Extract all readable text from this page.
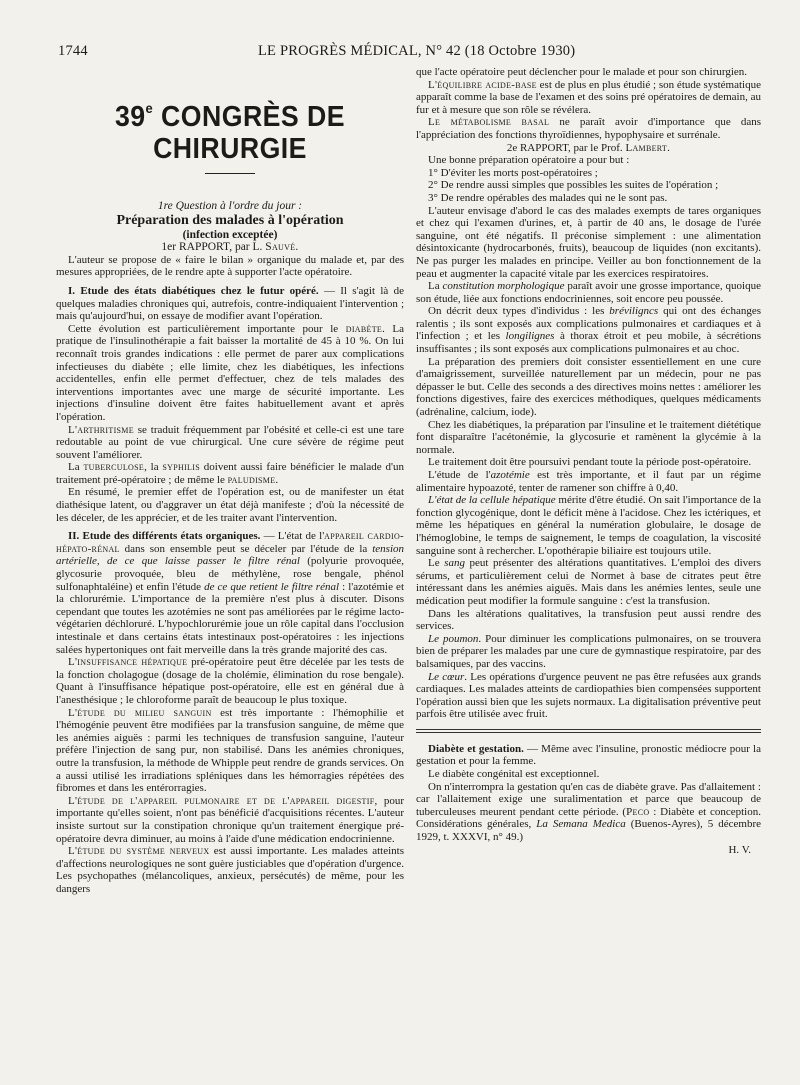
1744	LE PROGRÈS MÉDICAL, N° 42 (18 Octobre 1930)
39e CONGRÈS DE CHIRURGIE

1re Question à l'ordre du jour :

Préparation des malades à l'opération

(infection exceptée)

1er RAPPORT, par L. Sauvé.

L'auteur se propose de « faire le bilan » organique du malade et, par des mesures appropriées, de le rendre apte à supporter l'acte opératoire.

I. Etude des états diabétiques chez le futur opéré. — Il s'agit là de quelques maladies chroniques qui, autrefois, contre-indiquaient l'intervention ; mais qu'aujourd'hui, on essaye de modifier avant l'opération.

Cette évolution est particulièrement importante pour le diabète. La pratique de l'insulinothérapie a fait baisser la mortalité de 45 à 10 %. On lui reconnaît trois grandes indications : elle permet de parer aux complications infectieuses du diabète ; elle limite, chez les diabétiques, les infections accidentelles, enfin elle permet d'effectuer, chez de tels malades des interventions importantes avec une marge de sécurité importante. Les injections d'insuline doivent être faites habituellement avant et après l'opération.

L'arthritisme se traduit fréquemment par l'obésité et celle-ci est une tare redoutable au point de vue chirurgical. Une cure sévère de régime peut souvent l'améliorer.

La tuberculose, la syphilis doivent aussi faire bénéficier le malade d'un traitement pré-opératoire ; de même le paludisme.

En résumé, le premier effet de l'opération est, ou de manifester un état diathésique latent, ou d'aggraver un état déjà manifeste ; d'où la nécessité de les déceler, de les apprécier, et de les traiter avant l'intervention.

II. Etude des différents états organiques. — L'état de l'appareil cardio-hépato-rénal dans son ensemble peut se déceler par l'étude de la tension artérielle, de ce que laisse passer le filtre rénal (polyurie provoquée, glycosurie provoquée, bleu de méthylène, rose bengale, phénol sulfonaphtaléine) et enfin l'étude de ce que retient le filtre rénal : l'azotémie et la chlorurémie. L'importance de la première n'est plus à discuter. Disons cependant que toutes les azotémies ne sont pas améliorées par le régime lacto-végétarien déchloruré. L'hypochlorurémie joue un rôle capital dans l'occlusion intestinale et dans certains états intestinaux post-opératoires : les injections salées hypertoniques ont fait merveille dans la très grande majorité des cas.

L'insuffisance hépatique pré-opératoire peut être décelée par les tests de la fonction cholagogue (dosage de la cholémie, élimination du rose bengale). Quant à l'insuffisance hépatique post-opératoire, elle est en général due à l'anesthésique ; le chloroforme paraît de beaucoup le plus toxique.

L'étude du milieu sanguin est très importante : l'hémophilie et l'hémogénie peuvent être modifiées par la transfusion sanguine, de même que les anémies aiguës : parmi les techniques de transfusion sanguine, l'auteur préfère l'injection de sang pur, non stabilisé. Dans les anémies chroniques, outre la transfusion, la méthode de Whipple peut rendre de grands services. On a aussi utilisé les irradiations spléniques dans les hémorragies répétées des fibromes et dans les entérorragies.

L'étude de l'appareil pulmonaire et de l'appareil digestif, pour importante qu'elles soient, n'ont pas bénéficié d'acquisitions récentes. L'auteur insiste surtout sur la constipation chronique qu'un traitement énergique pré-opératoire devra diminuer, au moins à l'aide d'une médication endocrinienne.

L'étude du système nerveux est aussi importante. Les malades atteints d'affections neurologiques ne sont guère justiciables que d'opération d'urgence. Les psychopathes (mélancoliques, anxieux, persécutés) de même, pour les dangers

que l'acte opératoire peut déclencher pour le malade et pour son chirurgien.

L'équilibre acide-base est de plus en plus étudié ; son étude systématique apparaît comme la base de l'examen et des soins pré opératoires de demain, au fur et à mesure que son rôle se révélera.

Le métabolisme basal ne paraît avoir d'importance que dans l'appréciation des fonctions thyroïdiennes, hypophysaire et surrénale.

2e RAPPORT, par le Prof. Lambert.

Une bonne préparation opératoire a pour but :

1° D'éviter les morts post-opératoires ;

2° De rendre aussi simples que possibles les suites de l'opération ;

3° De rendre opérables des malades qui ne le sont pas.

L'auteur envisage d'abord le cas des malades exempts de tares organiques et chez qui l'examen d'urines, et, à partir de 40 ans, le dosage de l'urée sanguine, ont été négatifs. Il préconise simplement : une alimentation désintoxicante (hydrocarbonés, fruits), beaucoup de liquides (non excitants). Ne pas purger les malades en principe. Veiller au bon fonctionnement de la peau et augmenter la capacité vitale par les exercices respiratoires.

La constitution morphologique paraît avoir une grosse importance, quoique son étude, liée aux fonctions endocriniennes, soit encore peu poussée.

On décrit deux types d'individus : les bréviligncs qui ont des échanges ralentis ; ils sont exposés aux complications pulmonaires et cardiaques et à l'infection ; et les longilignes à thorax étroit et peu mobile, à sécrétions insuffisantes ; ils sont exposés aux complications pulmonaires et au choc.

La préparation des premiers doit consister essentiellement en une cure d'amaigrissement, surveillée naturellement par un médecin, pour ne pas dépasser le but. Celle des seconds a des directives moins nettes : améliorer les fonctions digestives, faire des exercices méthodiques, quelques médicaments (adrénaline, calcium, iode).

Chez les diabétiques, la préparation par l'insuline et le traitement diététique font disparaître l'acétonémie, la glycosurie et ramènent la glycémie à la normale.

Le traitement doit être poursuivi pendant toute la période post-opératoire.

L'étude de l'azotémie est très importante, et il faut par un régime alimentaire hypoazoté, tenter de ramener son chiffre à 0,40.

L'état de la cellule hépatique mérite d'être étudié. On sait l'importance de la fonction glycogénique, dont le déficit mène à l'acidose. Chez les ictériques, et même les hépatiques en général la numération globulaire, le dosage de l'hémoglobine, le temps de saignement, le temps de coagulation, la viscosité sanguine sont à rechercher. L'opothérapie biliaire est toujours utile.

Le sang peut présenter des altérations quantitatives. L'emploi des divers sérums, et particulièrement celui de Normet à base de citrates peut être intéressant dans les anémies aiguës. Mais dans les anémies lentes, seule une médication peut modifier la formule sanguine : c'est la transfusion.

Dans les altérations qualitatives, la transfusion peut aussi rendre des services.

Le poumon. Pour diminuer les complications pulmonaires, on se trouvera bien de préparer les malades par une cure de gymnastique respiratoire, par des balsamiques, par des vaccins.

Le cœur. Les opérations d'urgence peuvent ne pas être refusées aux grands cardiaques. Les malades atteints de cardiopathies bien compensées supportent l'opération aussi bien que les sujets normaux. La digitalisation préventive peut parfois être utilisée avec fruit.

Diabète et gestation. — Même avec l'insuline, pronostic médiocre pour la gestation et pour la femme.

Le diabète congénital est exceptionnel.

On n'interrompra la gestation qu'en cas de diabète grave. Pas d'allaitement : car l'allaitement exige une suralimentation et parce que beaucoup de tuberculeuses meurent pendant cette période. (Peco : Diabète et conception. Considérations générales, La Semana Medica (Buenos-Ayres), 5 décembre 1929, t. XXXVI, n° 49.)

H. V.
